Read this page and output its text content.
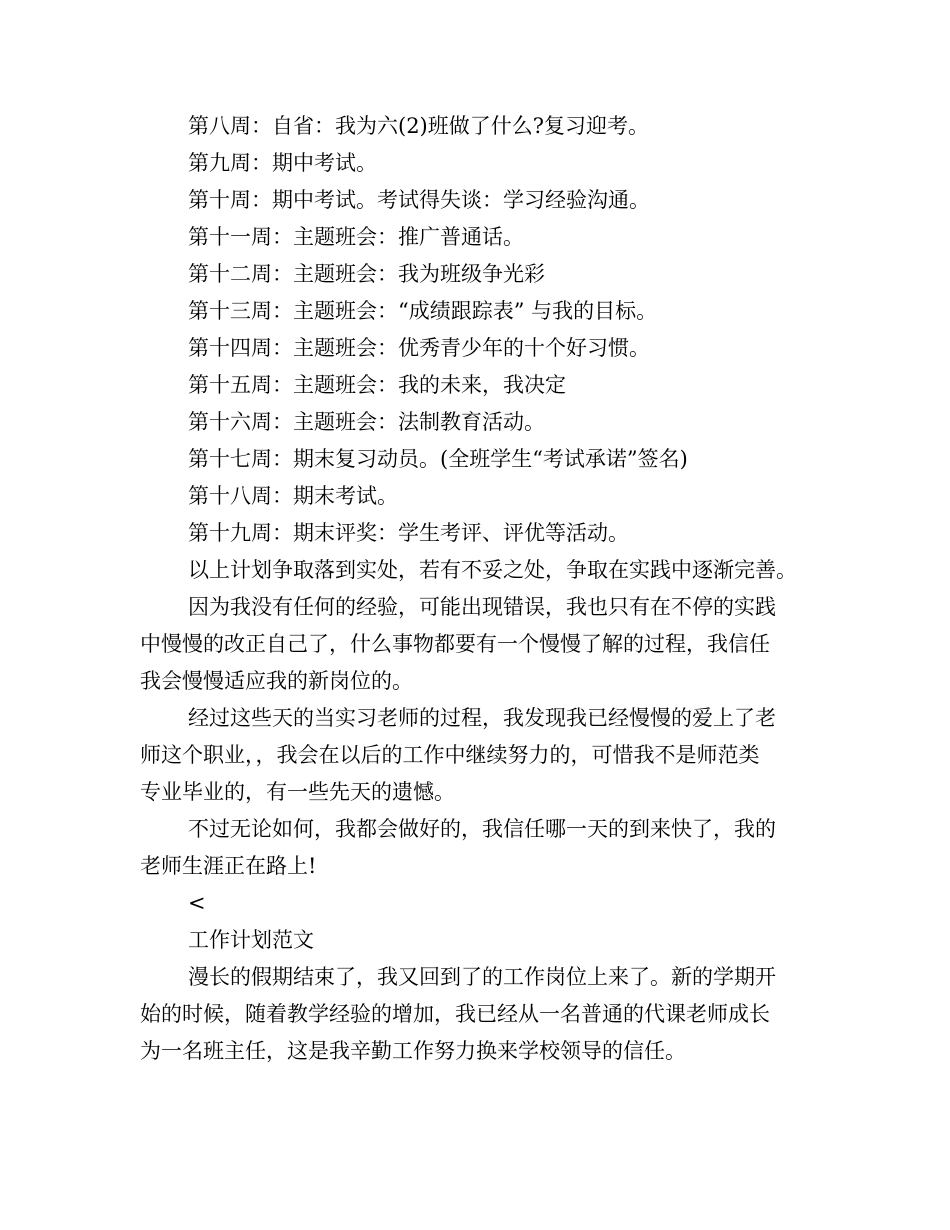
第八周：自省：我为六(2)班做了什么?复习迎考。
第九周：期中考试。
第十周：期中考试。考试得失谈：学习经验沟通。
第十一周：主题班会：推广普通话。
第十二周：主题班会：我为班级争光彩
第十三周：主题班会：“成绩跟踪表” 与我的目标。
第十四周：主题班会：优秀青少年的十个好习惯。
第十五周：主题班会：我的未来，我决定
第十六周：主题班会：法制教育活动。
第十七周：期末复习动员。(全班学生“考试承诺”签名)
第十八周：期末考试。
第十九周：期末评奖：学生考评、评优等活动。
以上计划争取落到实处，若有不妥之处，争取在实践中逐渐完善。
因为我没有任何的经验，可能出现错误，我也只有在不停的实践
中慢慢的改正自己了，什么事物都要有一个慢慢了解的过程，我信任
我会慢慢适应我的新岗位的。
经过这些天的当实习老师的过程，我发现我已经慢慢的爱上了老
师这个职业，，我会在以后的工作中继续努力的，可惜我不是师范类
专业毕业的，有一些先天的遗憾。
不过无论如何，我都会做好的，我信任哪一天的到来快了，我的
老师生涯正在路上!
<
工作计划范文
漫长的假期结束了，我又回到了的工作岗位上来了。新的学期开
始的时候，随着教学经验的增加，我已经从一名普通的代课老师成长
为一名班主任，这是我辛勤工作努力换来学校领导的信任。
